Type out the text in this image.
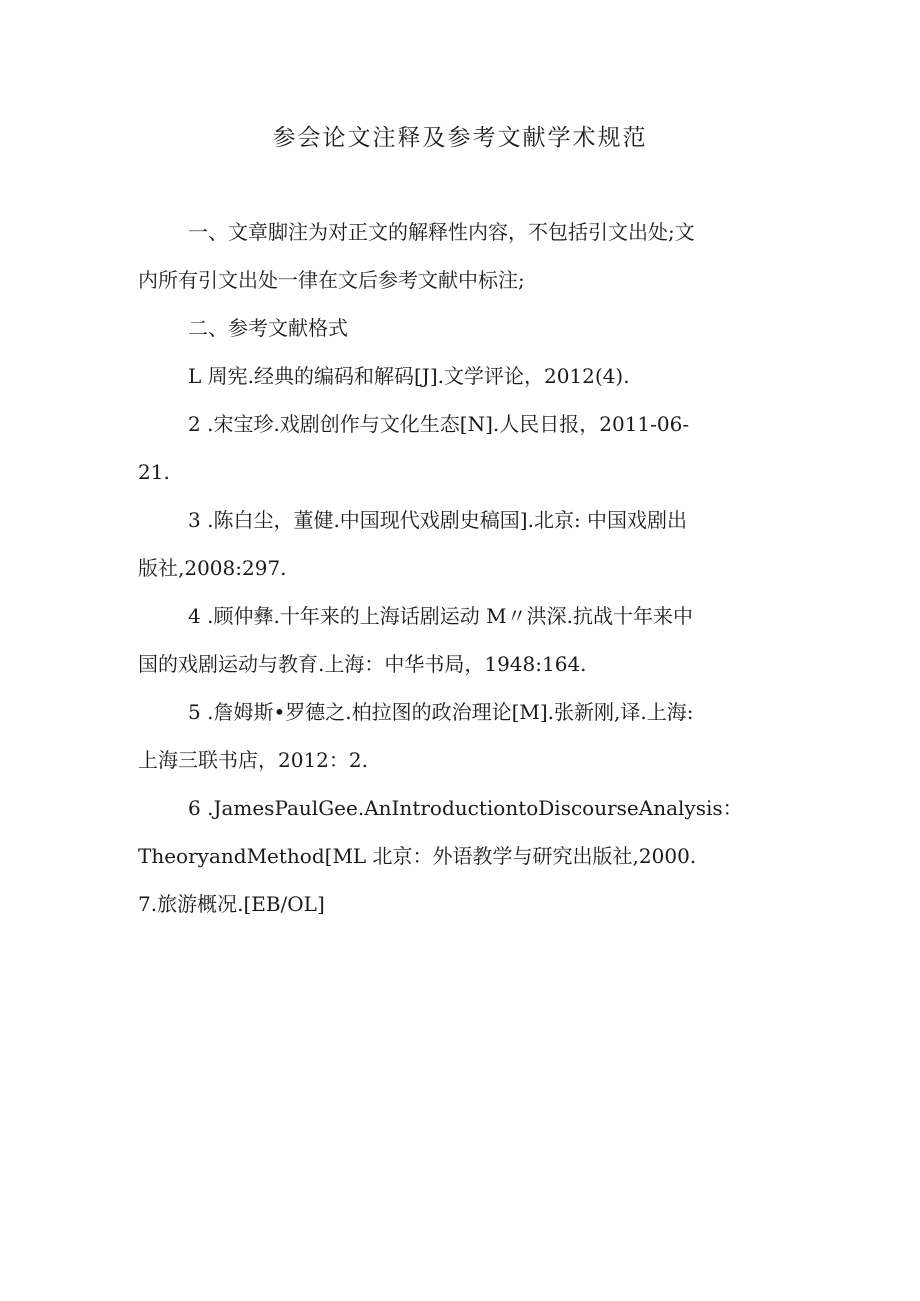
参会论文注释及参考文献学术规范

一、文章脚注为对正文的解释性内容，不包括引文出处;文
内所有引文出处一律在文后参考文献中标注;

二、参考文献格式

L 周宪.经典的编码和解码[J].文学评论，2012(4).

2 .宋宝珍.戏剧创作与文化生态[N].人民日报，2011-06-
21.

3 .陈白尘，董健.中国现代戏剧史稿国].北京: 中国戏剧出
版社,2008:297.

4 .顾仲彝.十年来的上海话剧运动 M〃洪深.抗战十年来中
国的戏剧运动与教育.上海：中华书局，1948:164.

5 .詹姆斯•罗德之.柏拉图的政治理论[M].张新刚,译.上海:
上海三联书店，2012：2.

6 .JamesPaulGee.AnIntroductiontoDiscourseAnalysis：
TheoryandMethod[ML 北京：外语教学与研究出版社,2000.

7.旅游概况.[EB/OL]
